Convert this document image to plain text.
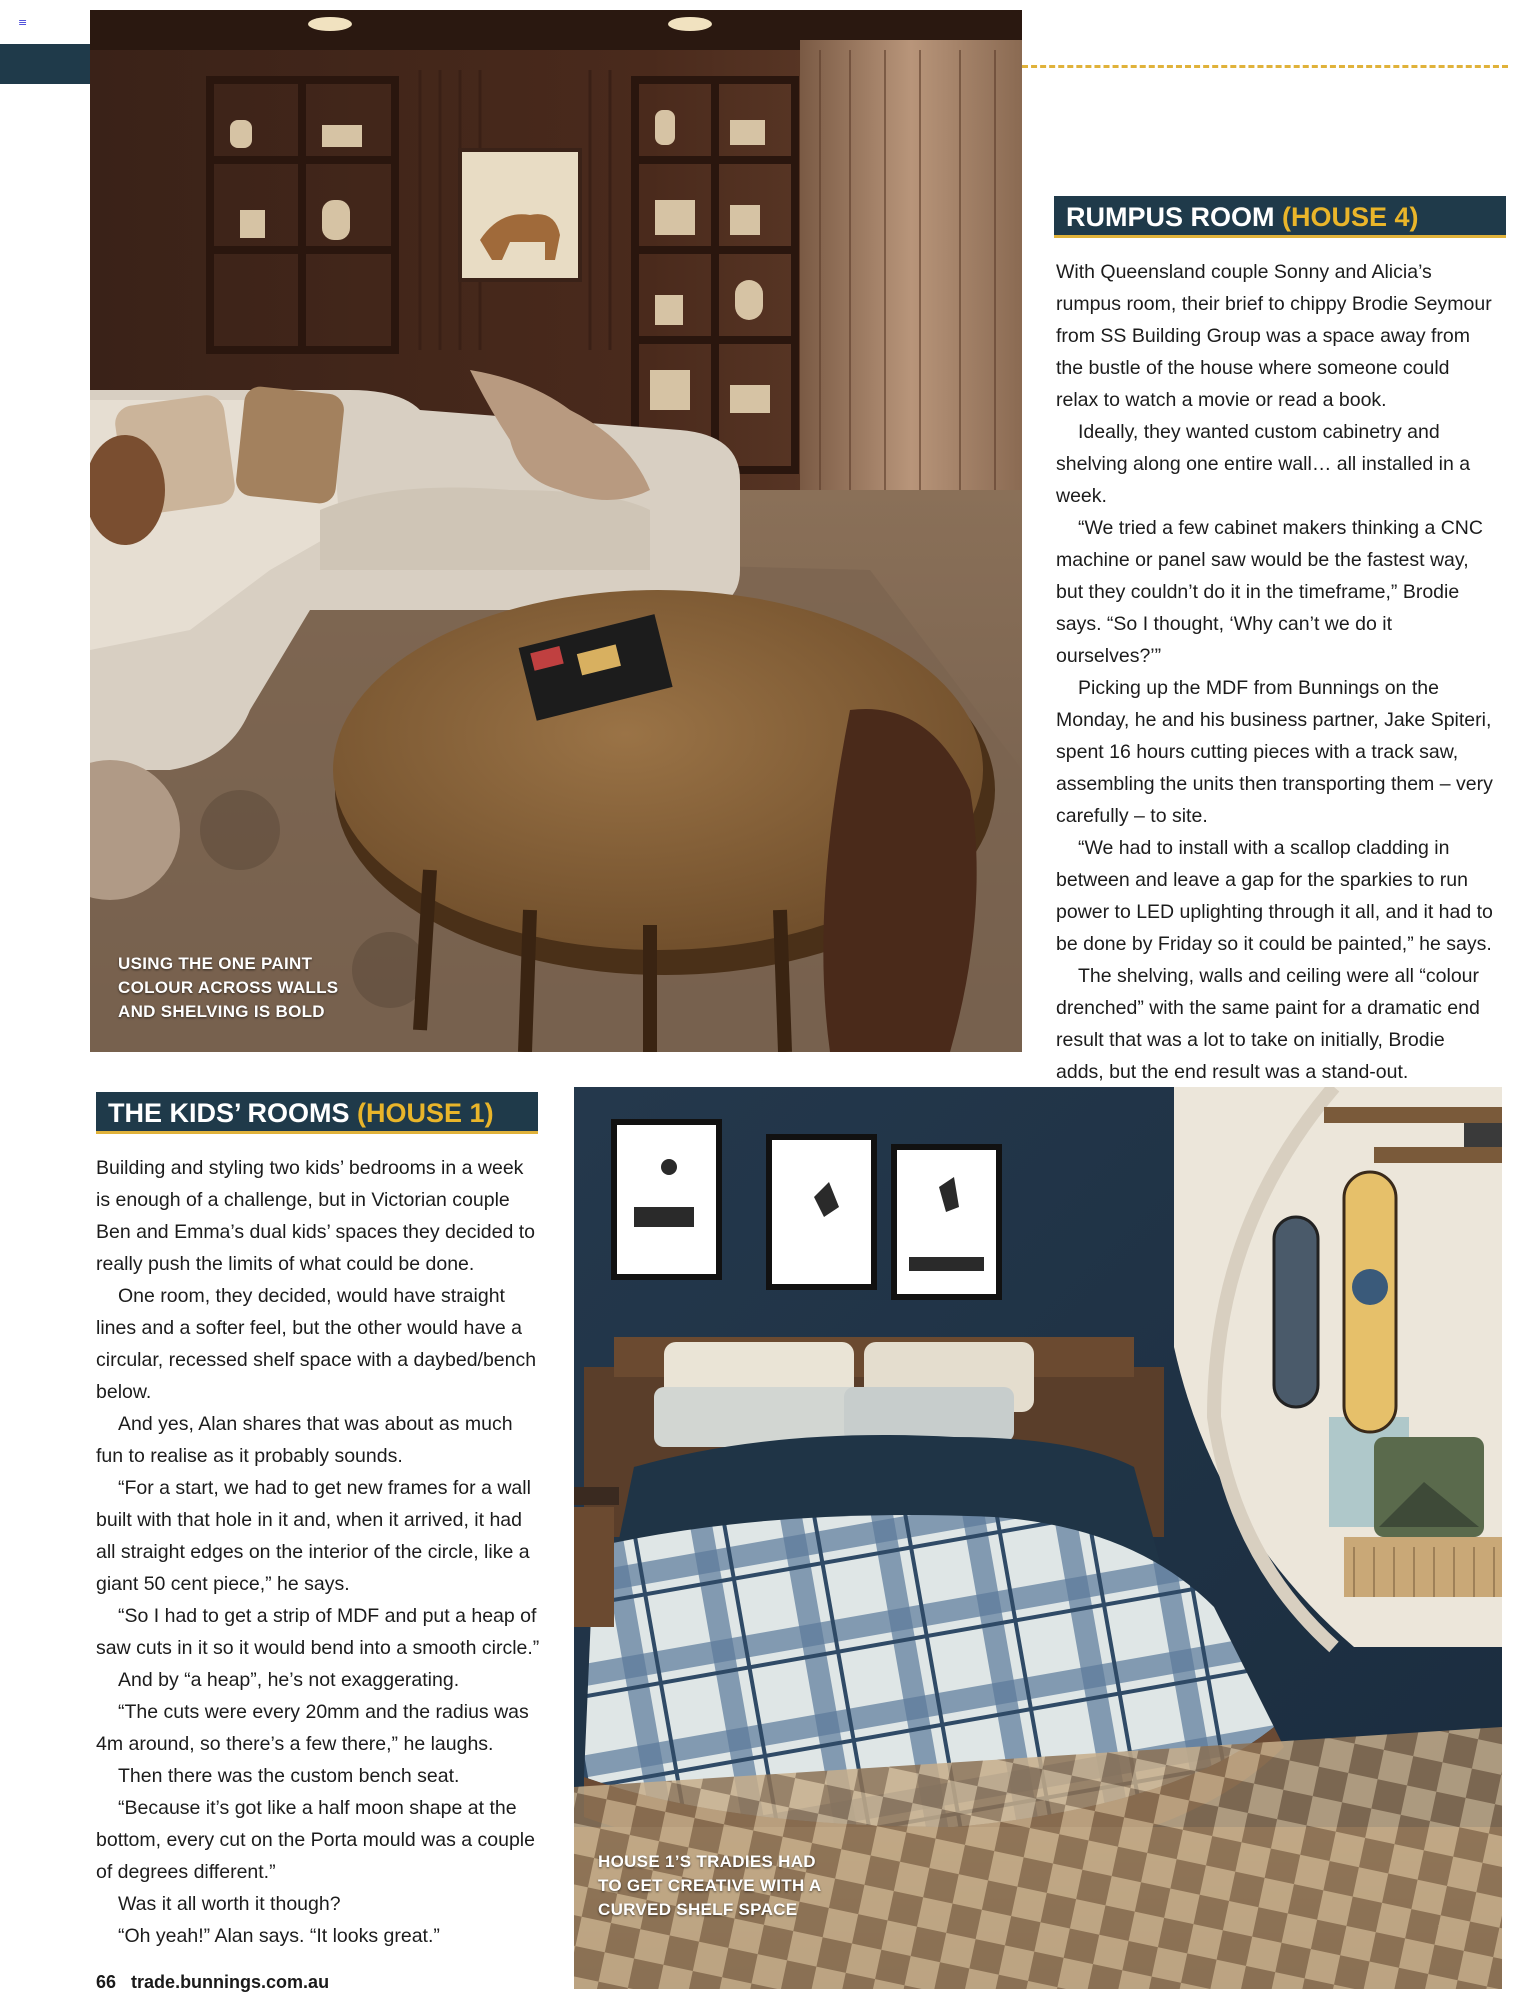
≡
USING THE ONE PAINT COLOUR ACROSS WALLS AND SHELVING IS BOLD
RUMPUS ROOM (HOUSE 4)

With Queensland couple Sonny and Alicia’s rumpus room, their brief to chippy Brodie Seymour from SS Building Group was a space away from the bustle of the house where someone could relax to watch a movie or read a book.

Ideally, they wanted custom cabinetry and shelving along one entire wall… all installed in a week.

“We tried a few cabinet makers thinking a CNC machine or panel saw would be the fastest way, but they couldn’t do it in the timeframe,” Brodie says. “So I thought, ‘Why can’t we do it ourselves?’”

Picking up the MDF from Bunnings on the Monday, he and his business partner, Jake Spiteri, spent 16 hours cutting pieces with a track saw, assembling the units then transporting them – very carefully – to site.

“We had to install with a scallop cladding in between and leave a gap for the sparkies to run power to LED uplighting through it all, and it had to be done by Friday so it could be painted,” he says.

The shelving, walls and ceiling were all “colour drenched” with the same paint for a dramatic end result that was a lot to take on initially, Brodie adds, but the end result was a stand-out.

THE KIDS’ ROOMS (HOUSE 1)

Building and styling two kids’ bedrooms in a week is enough of a challenge, but in Victorian couple Ben and Emma’s dual kids’ spaces they decided to really push the limits of what could be done.

One room, they decided, would have straight lines and a softer feel, but the other would have a circular, recessed shelf space with a daybed/bench below.

And yes, Alan shares that was about as much fun to realise as it probably sounds.

“For a start, we had to get new frames for a wall built with that hole in it and, when it arrived, it had all straight edges on the interior of the circle, like a giant 50 cent piece,” he says.

“So I had to get a strip of MDF and put a heap of saw cuts in it so it would bend into a smooth circle.”

And by “a heap”, he’s not exaggerating.

“The cuts were every 20mm and the radius was 4m around, so there’s a few there,” he laughs.

Then there was the custom bench seat.

“Because it’s got like a half moon shape at the bottom, every cut on the Porta mould was a couple of degrees different.”

Was it all worth it though?

“Oh yeah!” Alan says. “It looks great.”

HOUSE 1’S TRADIES HAD TO GET CREATIVE WITH A CURVED SHELF SPACE
66 trade.bunnings.com.au
